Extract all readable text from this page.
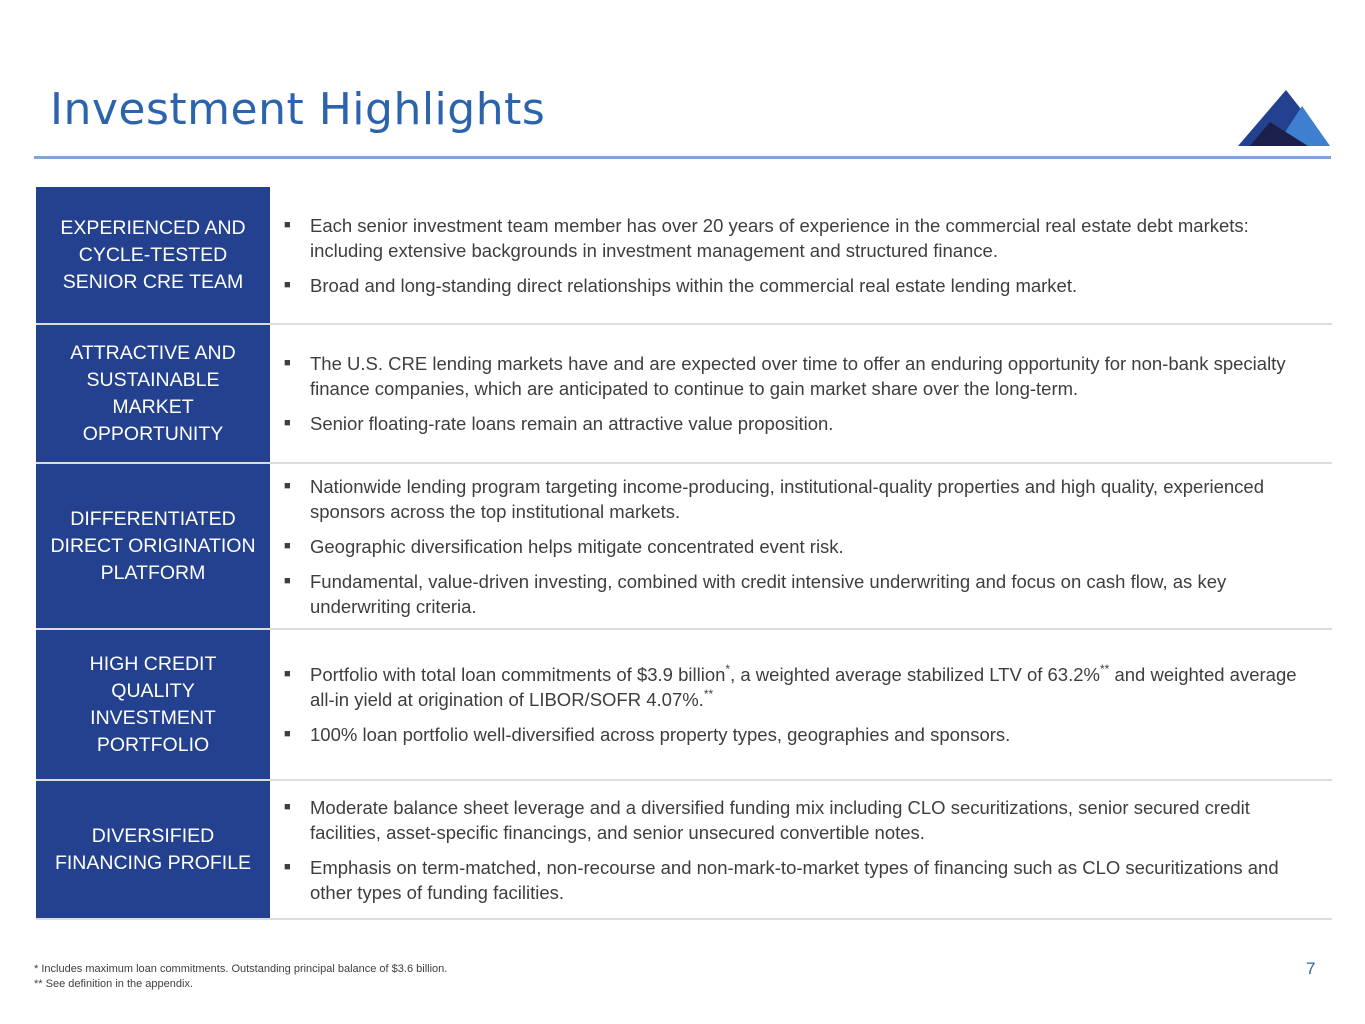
Investment Highlights
EXPERIENCED AND CYCLE-TESTED SENIOR CRE TEAM
■	Each senior investment team member has over 20 years of experience in the commercial real estate debt markets: including extensive backgrounds in investment management and structured finance.
■	Broad and long-standing direct relationships within the commercial real estate lending market.
ATTRACTIVE AND SUSTAINABLE MARKET OPPORTUNITY
■	The U.S. CRE lending markets have and are expected over time to offer an enduring opportunity for non-bank specialty finance companies, which are anticipated to continue to gain market share over the long-term.
■	Senior floating-rate loans remain an attractive value proposition.
DIFFERENTIATED DIRECT ORIGINATION PLATFORM
■	Nationwide lending program targeting income-producing, institutional-quality properties and high quality, experienced sponsors across the top institutional markets.
■	Geographic diversification helps mitigate concentrated event risk.
■	Fundamental, value-driven investing, combined with credit intensive underwriting and focus on cash flow, as key underwriting criteria.
HIGH CREDIT QUALITY INVESTMENT PORTFOLIO
■	Portfolio with total loan commitments of $3.9 billion*, a weighted average stabilized LTV of 63.2%** and weighted average all-in yield at origination of LIBOR/SOFR 4.07%.**
■	100% loan portfolio well-diversified across property types, geographies and sponsors.
DIVERSIFIED FINANCING PROFILE
■	Moderate balance sheet leverage and a diversified funding mix including CLO securitizations, senior secured credit facilities, asset-specific financings, and senior unsecured convertible notes.
■	Emphasis on term-matched, non-recourse and non-mark-to-market types of financing such as CLO securitizations and other types of funding facilities.
* Includes maximum loan commitments. Outstanding principal balance of $3.6 billion.
** See definition in the appendix.
7
